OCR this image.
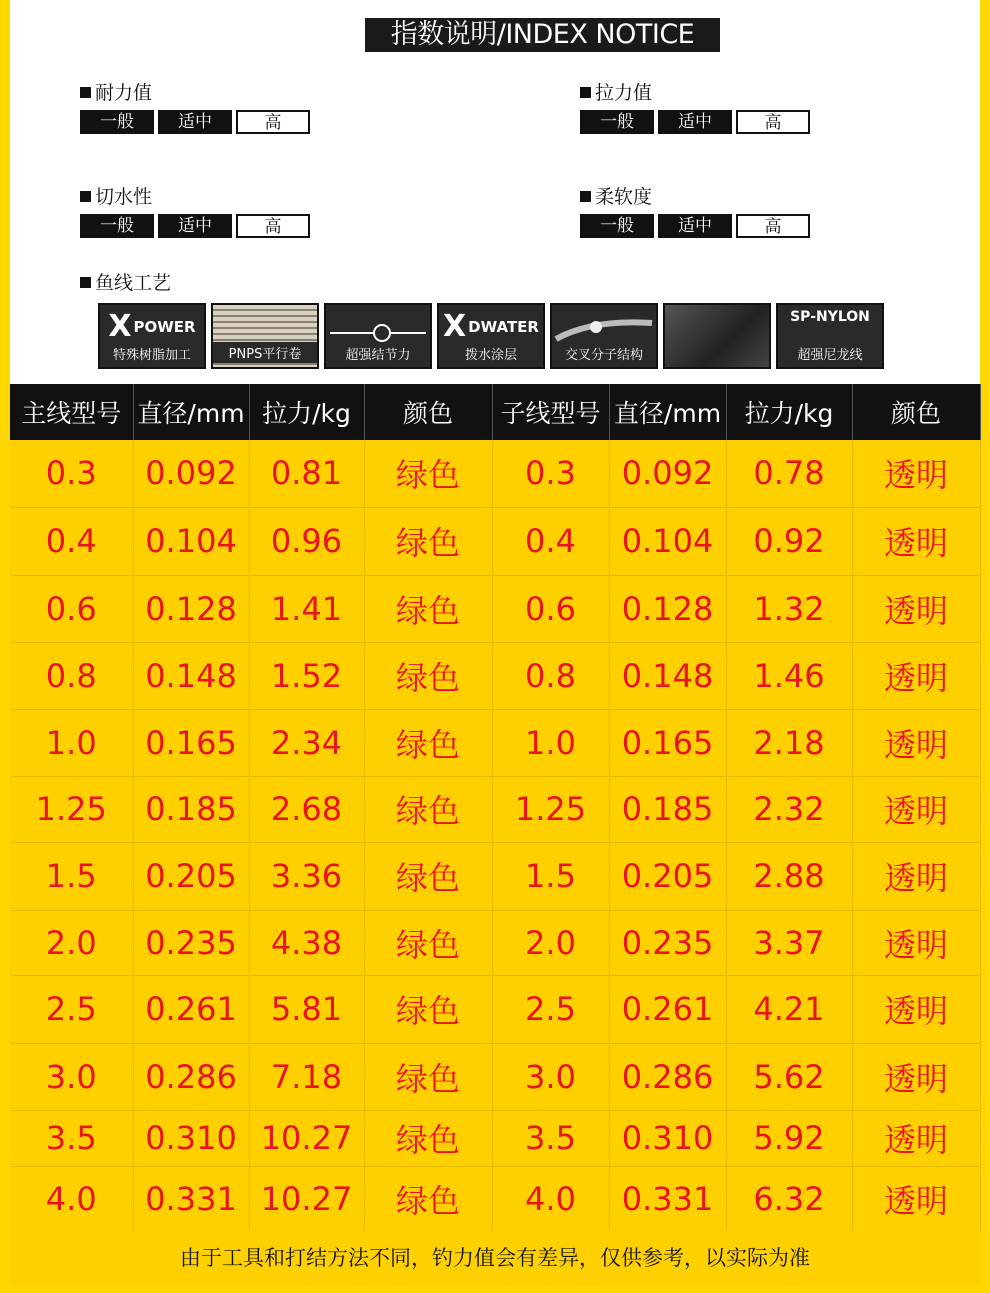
指数说明/INDEX NOTICE
耐力值
一般	适中	高
拉力值
一般	适中	高
切水性
一般	适中	高
柔软度
一般	适中	高
鱼线工艺
XPOWER
特殊树脂加工	PNPS平行卷	超强结节力
XDWATER
拨水涂层	交叉分子结构
SP-NYLON
超强尼龙线
主线型号	直径/mm	拉力/kg	颜色	子线型号	直径/mm	拉力/kg	颜色
0.3	0.092	0.81	绿色	0.3	0.092	0.78	透明
0.4	0.104	0.96	绿色	0.4	0.104	0.92	透明
0.6	0.128	1.41	绿色	0.6	0.128	1.32	透明
0.8	0.148	1.52	绿色	0.8	0.148	1.46	透明
1.0	0.165	2.34	绿色	1.0	0.165	2.18	透明
1.25	0.185	2.68	绿色	1.25	0.185	2.32	透明
1.5	0.205	3.36	绿色	1.5	0.205	2.88	透明
2.0	0.235	4.38	绿色	2.0	0.235	3.37	透明
2.5	0.261	5.81	绿色	2.5	0.261	4.21	透明
3.0	0.286	7.18	绿色	3.0	0.286	5.62	透明
3.5	0.310	10.27	绿色	3.5	0.310	5.92	透明
4.0	0.331	10.27	绿色	4.0	0.331	6.32	透明
由于工具和打结方法不同，钓力值会有差异，仅供参考，以实际为准
